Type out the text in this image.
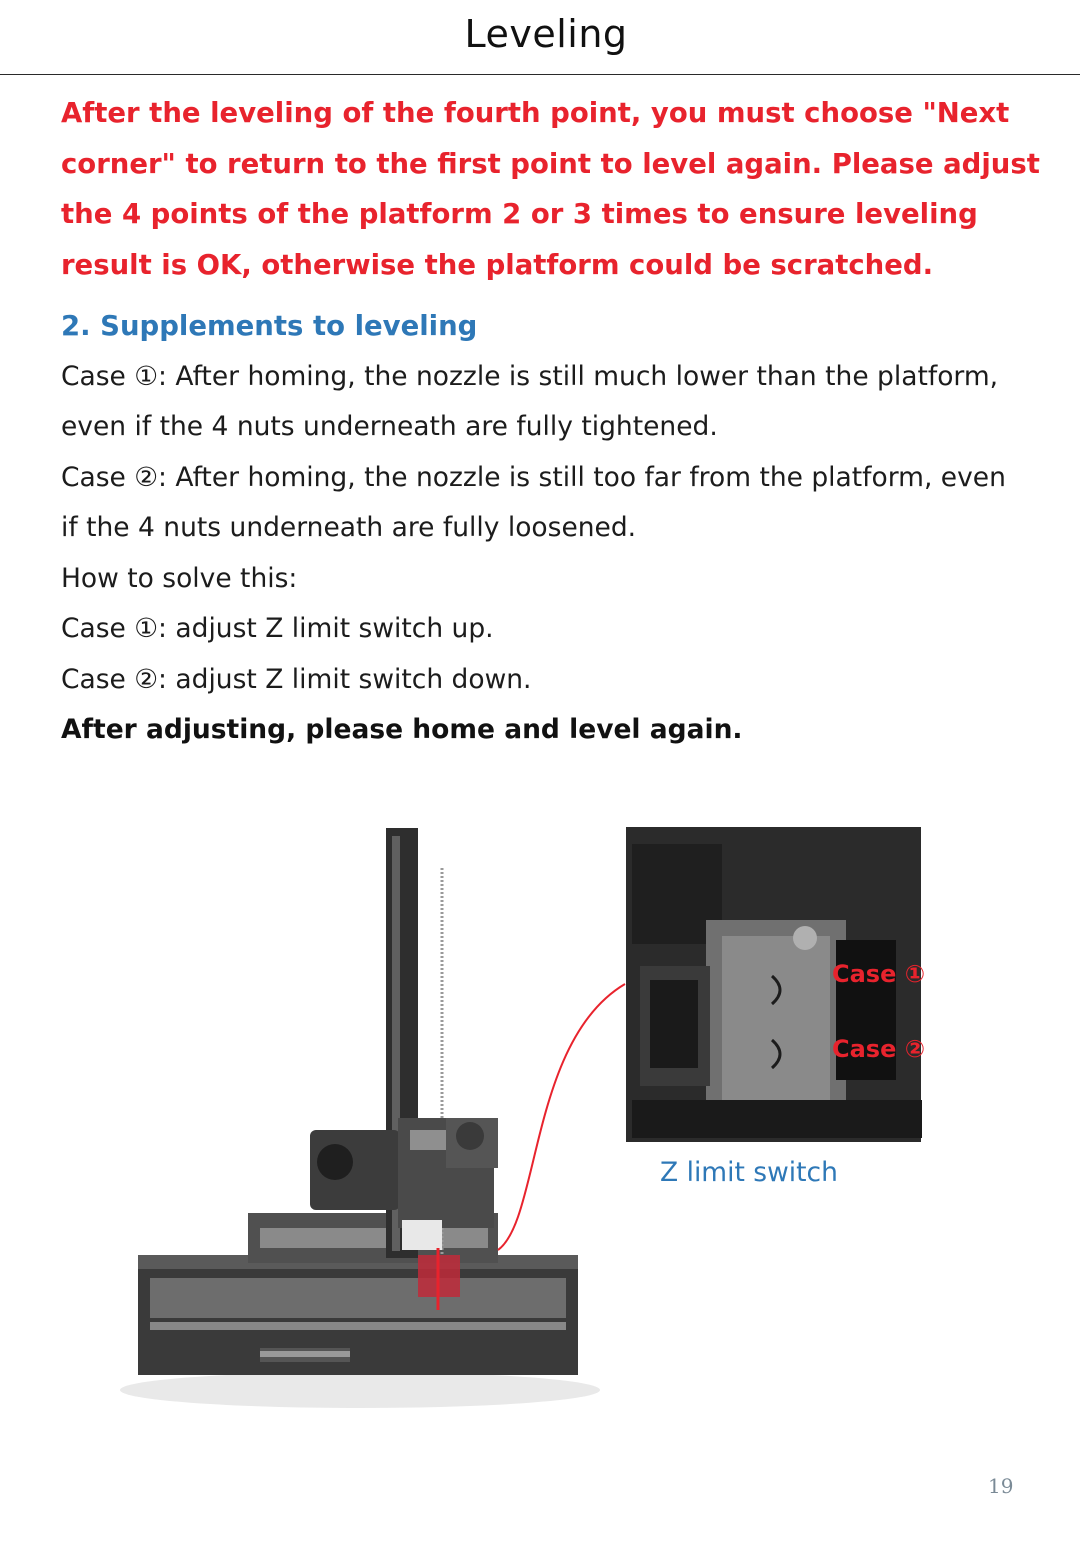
Leveling

After the leveling of the fourth point, you must choose "Next corner" to return to the first point to level again. Please adjust the 4 points of the platform 2 or 3 times to ensure leveling result is OK, otherwise the platform could be scratched.

2. Supplements to leveling

Case ①: After homing, the nozzle is still much lower than the platform,

even if the 4 nuts underneath are fully tightened.

Case ②: After homing, the nozzle is still too far from the platform, even

if the 4 nuts underneath are fully loosened.

How to solve this:

Case ①: adjust Z limit switch up.

Case ②: adjust Z limit switch down.

After adjusting, please home and level again.

Case ①
Case ②

Z limit switch

19
